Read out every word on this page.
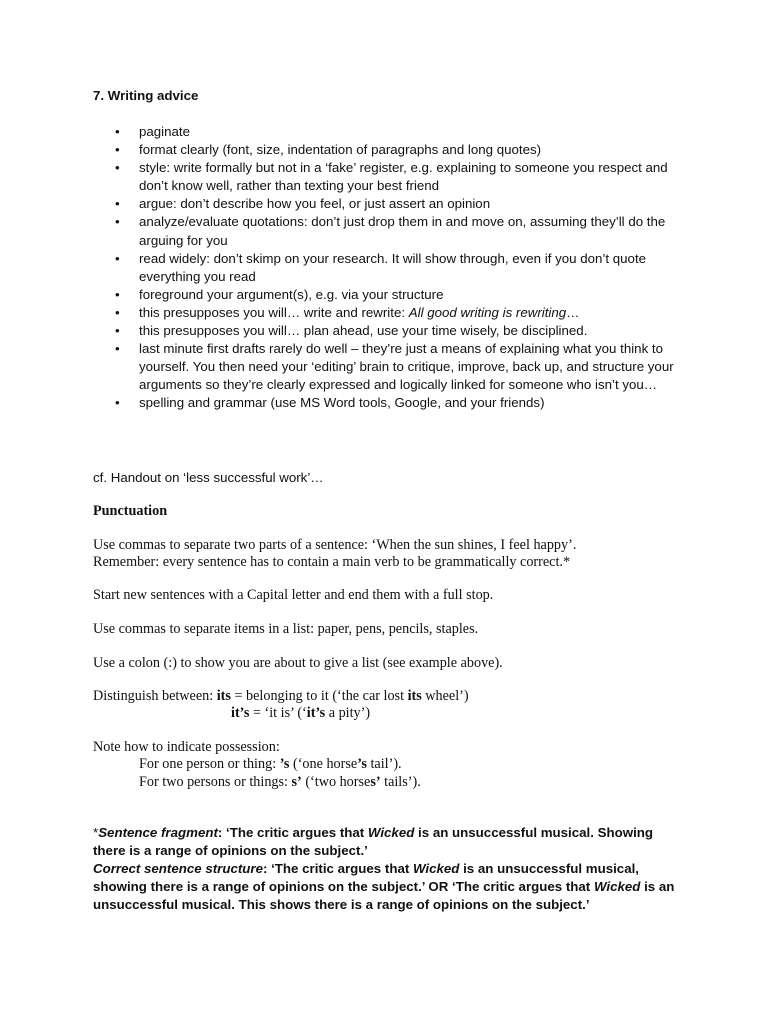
7. Writing advice
• paginate
• format clearly (font, size, indentation of paragraphs and long quotes)
• style: write formally but not in a ‘fake’ register, e.g. explaining to someone you respect and don’t know well, rather than texting your best friend
• argue: don’t describe how you feel, or just assert an opinion
• analyze/evaluate quotations: don’t just drop them in and move on, assuming they’ll do the arguing for you
• read widely: don’t skimp on your research. It will show through, even if you don’t quote everything you read
• foreground your argument(s), e.g. via your structure
• this presupposes you will… write and rewrite: All good writing is rewriting…
• this presupposes you will… plan ahead, use your time wisely, be disciplined.
• last minute first drafts rarely do well – they’re just a means of explaining what you think to yourself. You then need your ‘editing’ brain to critique, improve, back up, and structure your arguments so they’re clearly expressed and logically linked for someone who isn’t you…
• spelling and grammar (use MS Word tools, Google, and your friends)
cf. Handout on ‘less successful work’…
Punctuation

Use commas to separate two parts of a sentence: ‘When the sun shines, I feel happy’.
Remember: every sentence has to contain a main verb to be grammatically correct.*

Start new sentences with a Capital letter and end them with a full stop.

Use commas to separate items in a list: paper, pens, pencils, staples.

Use a colon (:) to show you are about to give a list (see example above).

Distinguish between: its = belonging to it (‘the car lost its wheel’)
it’s = ‘it is’ (‘it’s a pity’)
Note how to indicate possession:
For one person or thing: ’s (‘one horse’s tail’).
For two persons or things: s’ (‘two horses’ tails’).
*Sentence fragment: ‘The critic argues that Wicked is an unsuccessful musical. Showing there is a range of opinions on the subject.’
Correct sentence structure: ‘The critic argues that Wicked is an unsuccessful musical, showing there is a range of opinions on the subject.’ OR ‘The critic argues that Wicked is an unsuccessful musical. This shows there is a range of opinions on the subject.’
